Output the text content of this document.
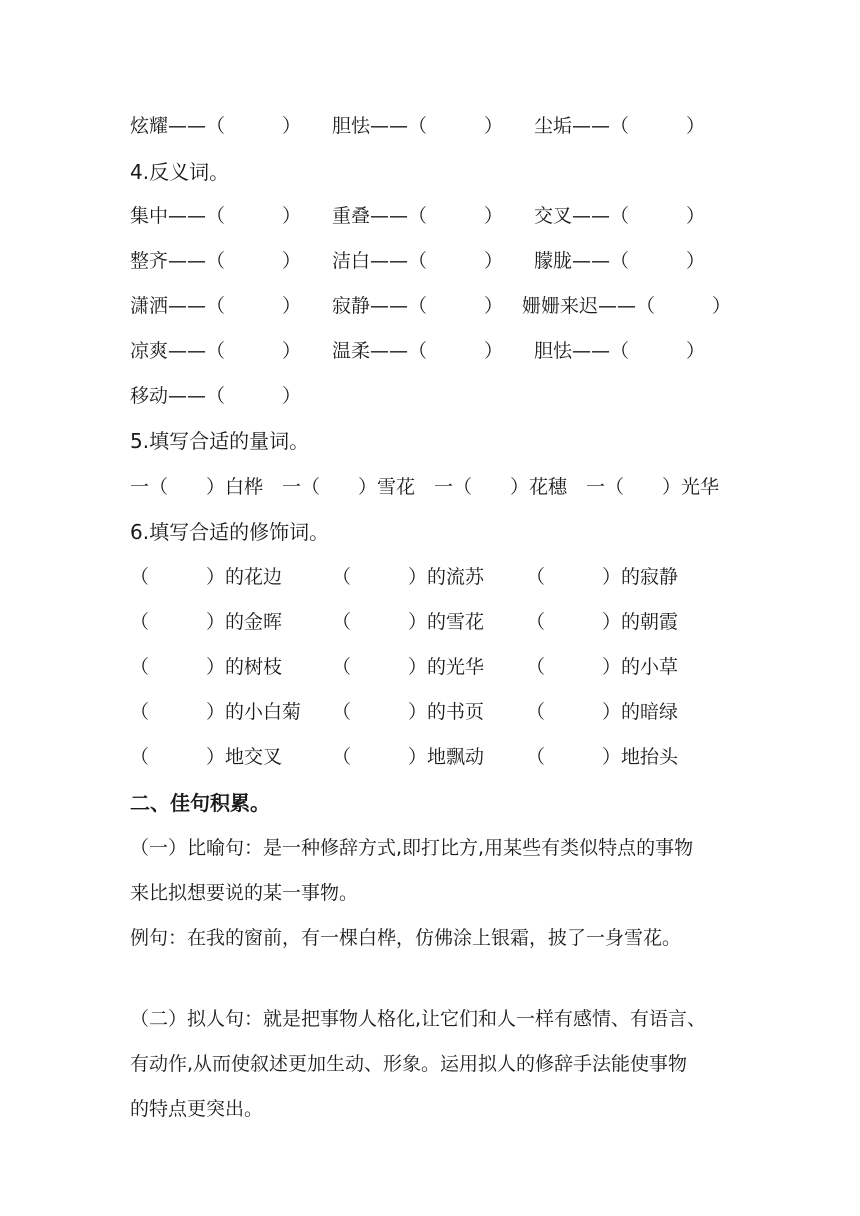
炫耀——（　　　） 胆怯——（　　　） 尘垢——（　　　）
4.反义词。
集中——（　　　） 重叠——（　　　） 交叉——（　　　）
整齐——（　　　） 洁白——（　　　） 朦胧——（　　　）
潇洒——（　　　） 寂静——（　　　） 姗姗来迟——（　　　）
凉爽——（　　　） 温柔——（　　　） 胆怯——（　　　）
移动——（　　　）
5.填写合适的量词。
一（　　）白桦 一（　　）雪花 一（　　）花穗 一（　　）光华
6.填写合适的修饰词。
（　　　）的花边	（　　　）的流苏 （　　　）的寂静
（　　　）的金晖	（　　　）的雪花 （　　　）的朝霞
（　　　）的树枝	（　　　）的光华 （　　　）的小草
（　　　）的小白菊 （　　　）的书页 （　　　）的暗绿
（　　　）地交叉	（　　　）地飘动 （　　　）地抬头
二、佳句积累。
（一）比喻句：是一种修辞方式,即打比方,用某些有类似特点的事物
来比拟想要说的某一事物。
例句：在我的窗前，有一棵白桦，仿佛涂上银霜，披了一身雪花。
（二）拟人句：就是把事物人格化,让它们和人一样有感情、有语言、
有动作,从而使叙述更加生动、形象。运用拟人的修辞手法能使事物
的特点更突出。
